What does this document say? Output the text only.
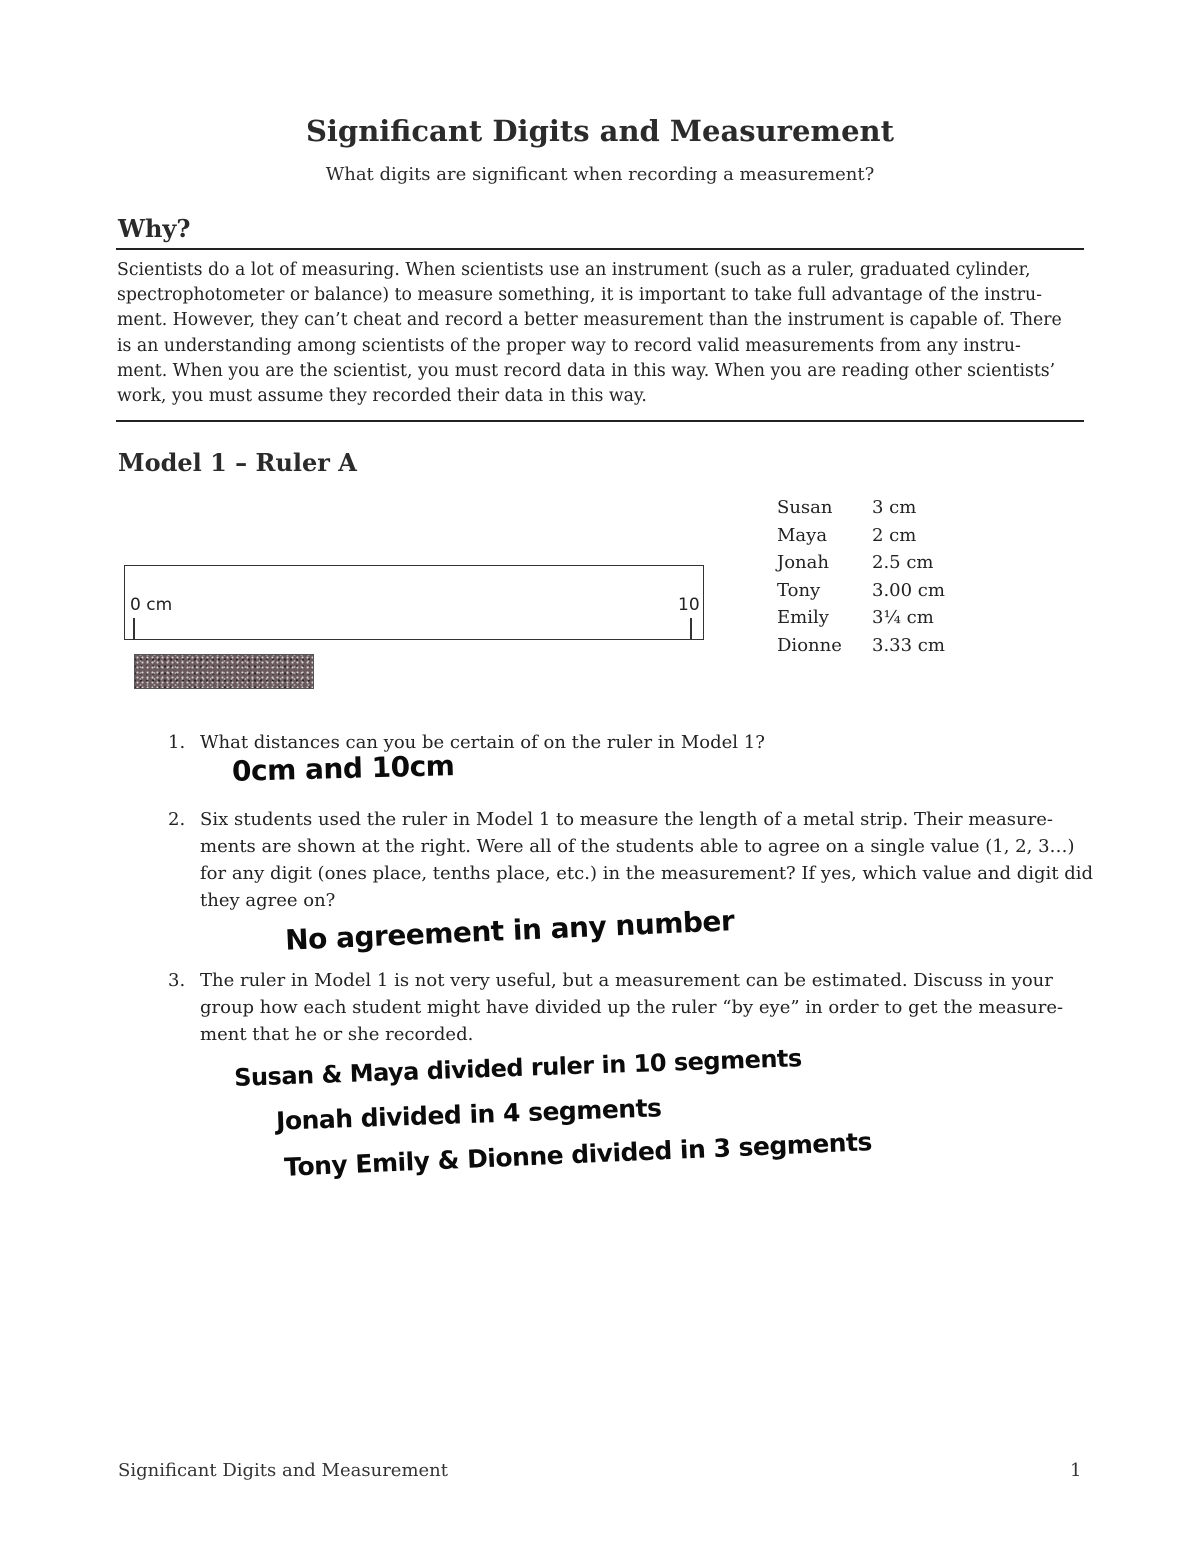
Significant Digits and Measurement
What digits are significant when recording a measurement?
Why?
Scientists do a lot of measuring. When scientists use an instrument (such as a ruler, graduated cylinder,
spectrophotometer or balance) to measure something, it is important to take full advantage of the instru-
ment. However, they can’t cheat and record a better measurement than the instrument is capable of. There
is an understanding among scientists of the proper way to record valid measurements from any instru-
ment. When you are the scientist, you must record data in this way. When you are reading other scientists’
work, you must assume they recorded their data in this way.
Model 1 – Ruler A
0 cm	10
Susan	3 cm
Maya	2 cm
Jonah	2.5 cm
Tony	3.00 cm
Emily	3¼ cm
Dionne	3.33 cm
1. What distances can you be certain of on the ruler in Model 1?
0cm and 10cm
2. Six students used the ruler in Model 1 to measure the length of a metal strip. Their measure-
ments are shown at the right. Were all of the students able to agree on a single value (1, 2, 3…)
for any digit (ones place, tenths place, etc.) in the measurement? If yes, which value and digit did
they agree on?
No agreement in any number
3. The ruler in Model 1 is not very useful, but a measurement can be estimated. Discuss in your
group how each student might have divided up the ruler “by eye” in order to get the measure-
ment that he or she recorded.
Susan & Maya divided ruler in 10 segments
Jonah divided in 4 segments
Tony Emily & Dionne divided in 3 segments
Significant Digits and Measurement	1
